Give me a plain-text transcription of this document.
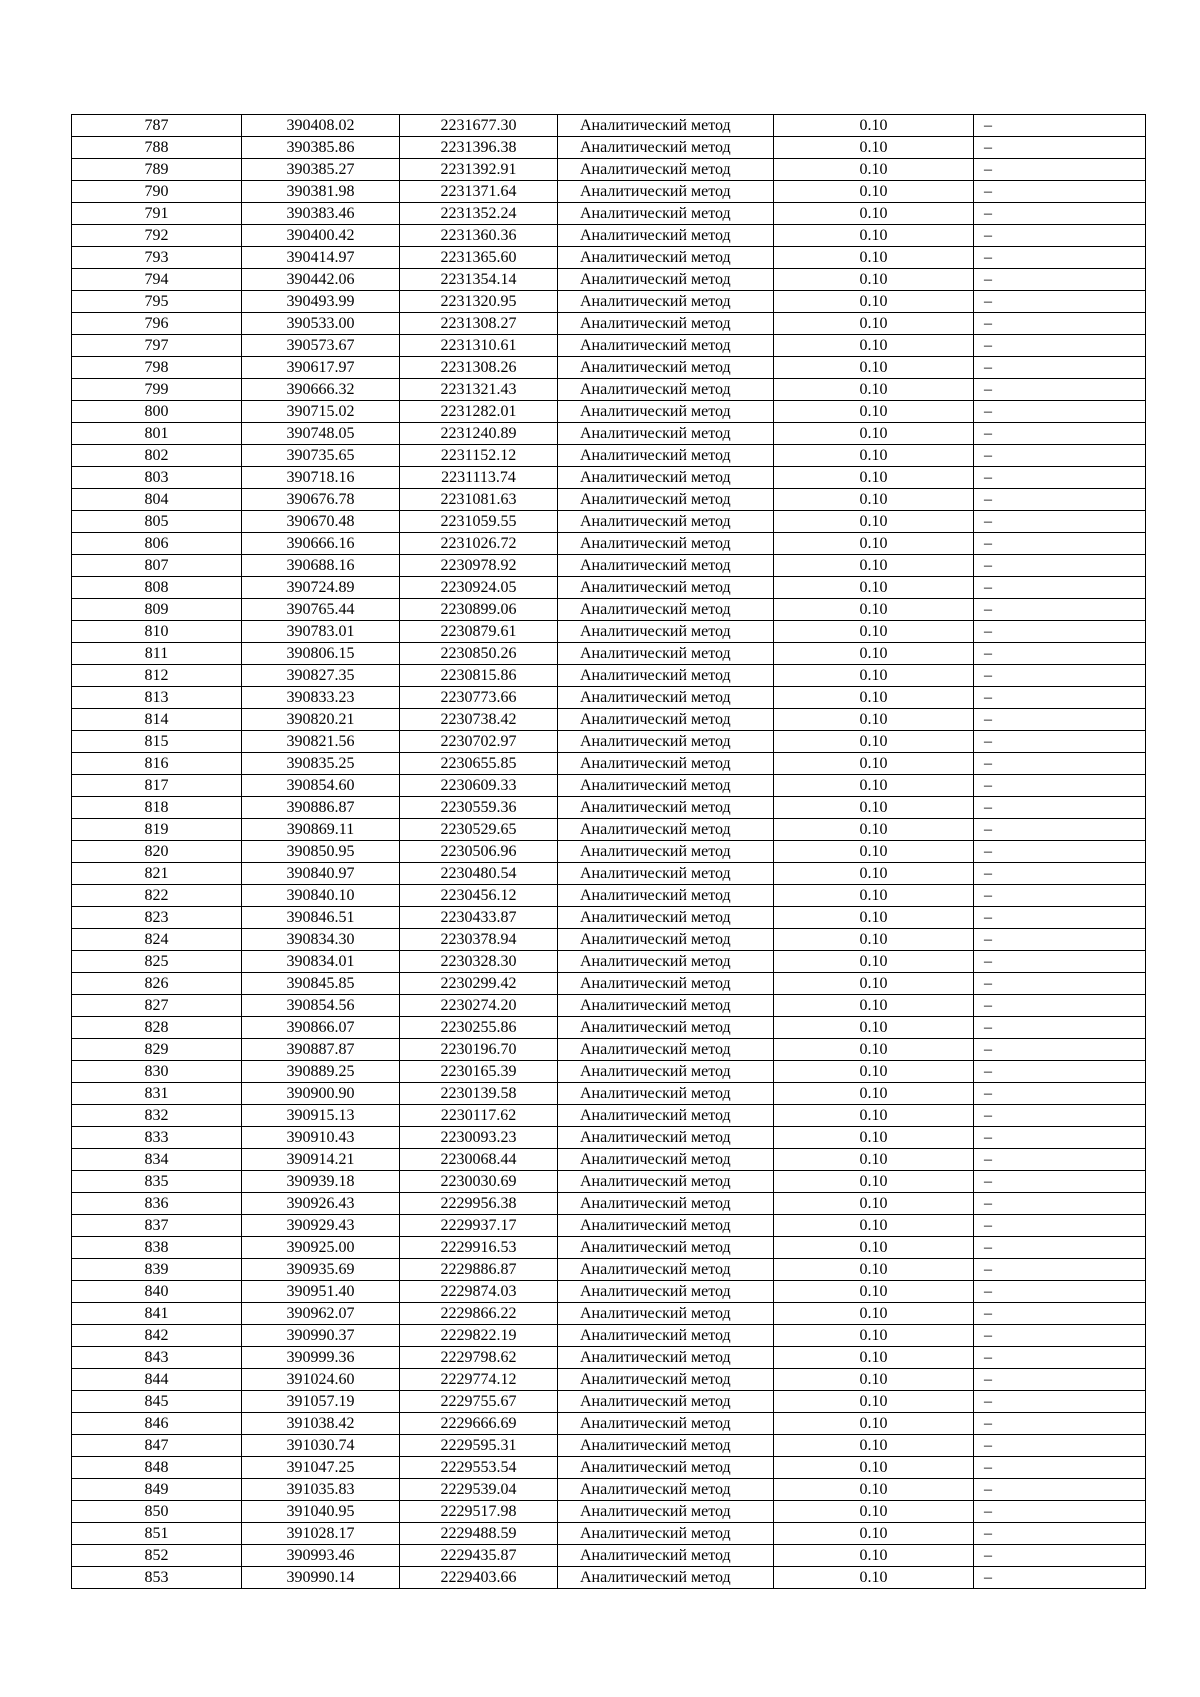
787	390408.02	2231677.30	Аналитический метод	0.10	–
788	390385.86	2231396.38	Аналитический метод	0.10	–
789	390385.27	2231392.91	Аналитический метод	0.10	–
790	390381.98	2231371.64	Аналитический метод	0.10	–
791	390383.46	2231352.24	Аналитический метод	0.10	–
792	390400.42	2231360.36	Аналитический метод	0.10	–
793	390414.97	2231365.60	Аналитический метод	0.10	–
794	390442.06	2231354.14	Аналитический метод	0.10	–
795	390493.99	2231320.95	Аналитический метод	0.10	–
796	390533.00	2231308.27	Аналитический метод	0.10	–
797	390573.67	2231310.61	Аналитический метод	0.10	–
798	390617.97	2231308.26	Аналитический метод	0.10	–
799	390666.32	2231321.43	Аналитический метод	0.10	–
800	390715.02	2231282.01	Аналитический метод	0.10	–
801	390748.05	2231240.89	Аналитический метод	0.10	–
802	390735.65	2231152.12	Аналитический метод	0.10	–
803	390718.16	2231113.74	Аналитический метод	0.10	–
804	390676.78	2231081.63	Аналитический метод	0.10	–
805	390670.48	2231059.55	Аналитический метод	0.10	–
806	390666.16	2231026.72	Аналитический метод	0.10	–
807	390688.16	2230978.92	Аналитический метод	0.10	–
808	390724.89	2230924.05	Аналитический метод	0.10	–
809	390765.44	2230899.06	Аналитический метод	0.10	–
810	390783.01	2230879.61	Аналитический метод	0.10	–
811	390806.15	2230850.26	Аналитический метод	0.10	–
812	390827.35	2230815.86	Аналитический метод	0.10	–
813	390833.23	2230773.66	Аналитический метод	0.10	–
814	390820.21	2230738.42	Аналитический метод	0.10	–
815	390821.56	2230702.97	Аналитический метод	0.10	–
816	390835.25	2230655.85	Аналитический метод	0.10	–
817	390854.60	2230609.33	Аналитический метод	0.10	–
818	390886.87	2230559.36	Аналитический метод	0.10	–
819	390869.11	2230529.65	Аналитический метод	0.10	–
820	390850.95	2230506.96	Аналитический метод	0.10	–
821	390840.97	2230480.54	Аналитический метод	0.10	–
822	390840.10	2230456.12	Аналитический метод	0.10	–
823	390846.51	2230433.87	Аналитический метод	0.10	–
824	390834.30	2230378.94	Аналитический метод	0.10	–
825	390834.01	2230328.30	Аналитический метод	0.10	–
826	390845.85	2230299.42	Аналитический метод	0.10	–
827	390854.56	2230274.20	Аналитический метод	0.10	–
828	390866.07	2230255.86	Аналитический метод	0.10	–
829	390887.87	2230196.70	Аналитический метод	0.10	–
830	390889.25	2230165.39	Аналитический метод	0.10	–
831	390900.90	2230139.58	Аналитический метод	0.10	–
832	390915.13	2230117.62	Аналитический метод	0.10	–
833	390910.43	2230093.23	Аналитический метод	0.10	–
834	390914.21	2230068.44	Аналитический метод	0.10	–
835	390939.18	2230030.69	Аналитический метод	0.10	–
836	390926.43	2229956.38	Аналитический метод	0.10	–
837	390929.43	2229937.17	Аналитический метод	0.10	–
838	390925.00	2229916.53	Аналитический метод	0.10	–
839	390935.69	2229886.87	Аналитический метод	0.10	–
840	390951.40	2229874.03	Аналитический метод	0.10	–
841	390962.07	2229866.22	Аналитический метод	0.10	–
842	390990.37	2229822.19	Аналитический метод	0.10	–
843	390999.36	2229798.62	Аналитический метод	0.10	–
844	391024.60	2229774.12	Аналитический метод	0.10	–
845	391057.19	2229755.67	Аналитический метод	0.10	–
846	391038.42	2229666.69	Аналитический метод	0.10	–
847	391030.74	2229595.31	Аналитический метод	0.10	–
848	391047.25	2229553.54	Аналитический метод	0.10	–
849	391035.83	2229539.04	Аналитический метод	0.10	–
850	391040.95	2229517.98	Аналитический метод	0.10	–
851	391028.17	2229488.59	Аналитический метод	0.10	–
852	390993.46	2229435.87	Аналитический метод	0.10	–
853	390990.14	2229403.66	Аналитический метод	0.10	–
